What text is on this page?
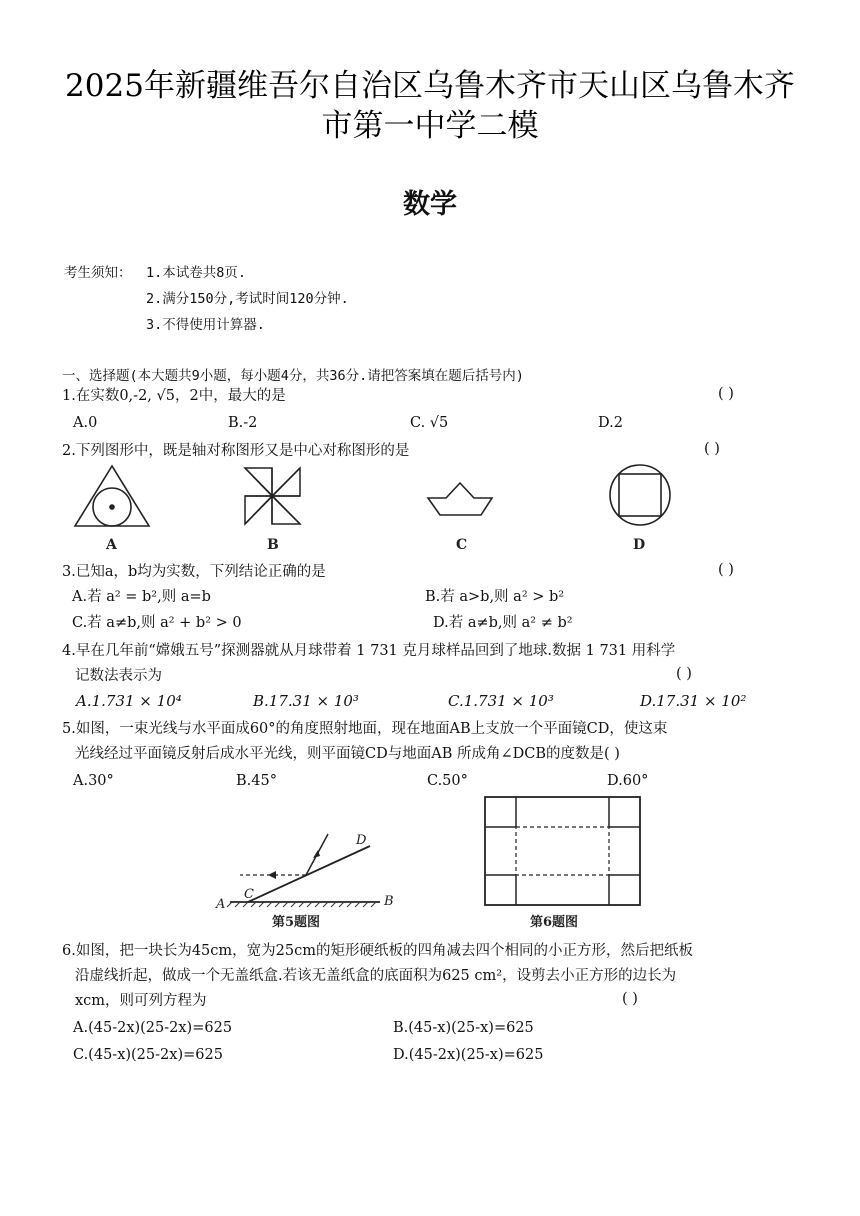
2025年新疆维吾尔自治区乌鲁木齐市天山区乌鲁木齐
市第一中学二模
数学
考生须知： 1.本试卷共8页.
2.满分150分,考试时间120分钟.
3.不得使用计算器.
一、选择题(本大题共9小题，每小题4分，共36分.请把答案填在题后括号内)
1.在实数0,-2, √5，2中，最大的是	( )
A.0	B.-2	C. √5	D.2
2.下列图形中，既是轴对称图形又是中心对称图形的是	( )
A	B	C	D
3.已知a，b均为实数，下列结论正确的是	( )
A.若 a² = b²,则 a=b	B.若 a>b,则 a² > b²
C.若 a≠b,则 a² + b² > 0	D.若 a≠b,则 a² ≠ b²
4.早在几年前“嫦娥五号”探测器就从月球带着 1 731 克月球样品回到了地球.数据 1 731 用科学
记数法表示为	( )
A.1.731 × 10⁴	B.17.31 × 10³	C.1.731 × 10³	D.17.31 × 10²
5.如图，一束光线与水平面成60°的角度照射地面，现在地面AB上支放一个平面镜CD，使这束
光线经过平面镜反射后成水平光线，则平面镜CD与地面AB 所成角∠DCB的度数是( )
A.30°	B.45°	C.50°	D.60°
A	B
C
D
第5题图	第6题图
6.如图，把一块长为45cm，宽为25cm的矩形硬纸板的四角减去四个相同的小正方形，然后把纸板
沿虚线折起，做成一个无盖纸盒.若该无盖纸盒的底面积为625 cm²，设剪去小正方形的边长为
xcm，则可列方程为	( )
A.(45-2x)(25-2x)=625	B.(45-x)(25-x)=625
C.(45-x)(25-2x)=625	D.(45-2x)(25-x)=625
